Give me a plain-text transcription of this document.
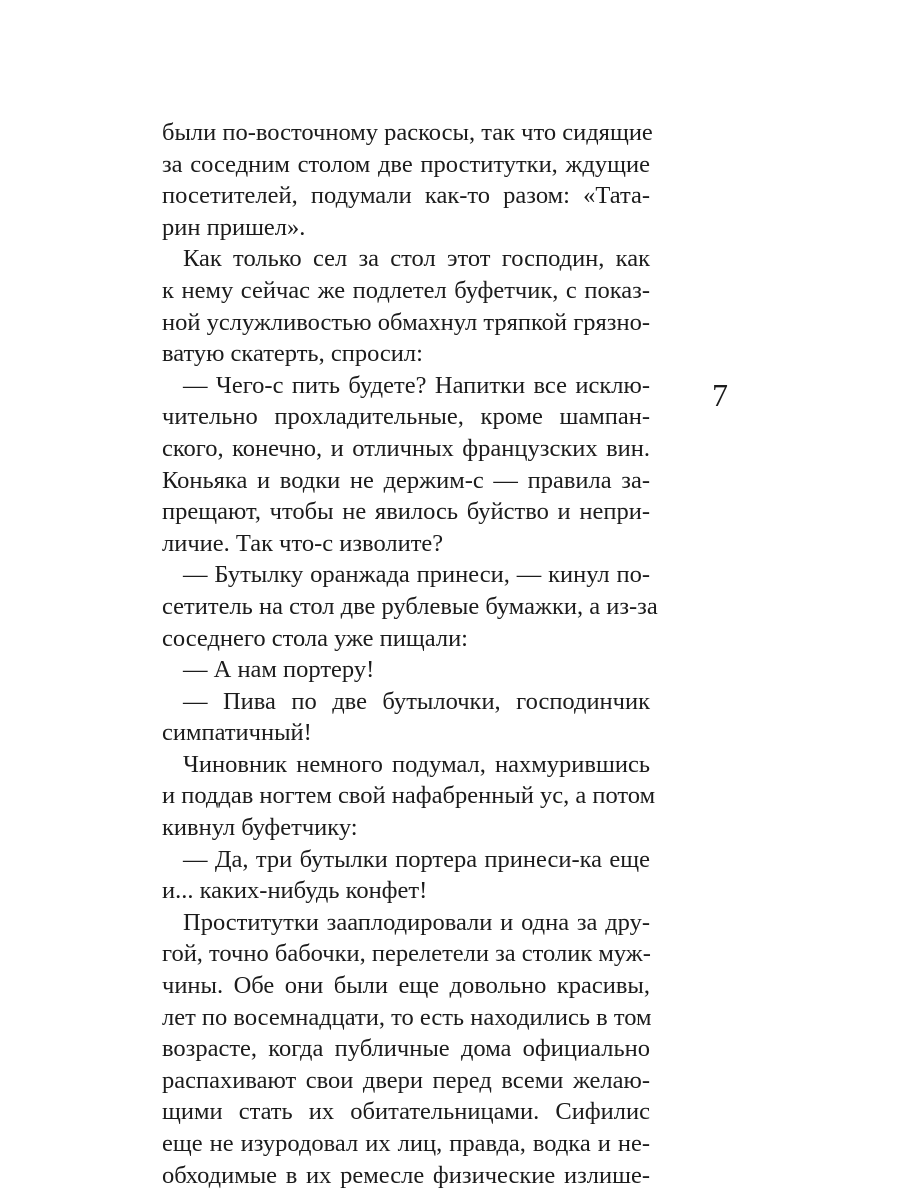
были по-восточному раскосы, так что сидящие
за соседним столом две проститутки, ждущие
посетителей, подумали как-то разом: «Тата-
рин пришел».
Как только сел за стол этот господин, как
к нему сейчас же подлетел буфетчик, с показ-
ной услужливостью обмахнул тряпкой грязно-
ватую скатерть, спросил:
— Чего-с пить будете? Напитки все исклю-
чительно прохладительные, кроме шампан-
ского, конечно, и отличных французских вин.
Коньяка и водки не держим-с — правила за-
прещают, чтобы не явилось буйство и непри-
личие. Так что-с изволите?
— Бутылку оранжада принеси, — кинул по-
сетитель на стол две рублевые бумажки, а из-за
соседнего стола уже пищали:
— А нам портеру!
— Пива по две бутылочки, господинчик
симпатичный!
Чиновник немного подумал, нахмурившись
и поддав ногтем свой нафабренный ус, а потом
кивнул буфетчику:
— Да, три бутылки портера принеси-ка еще
и... каких-нибудь конфет!
Проститутки зааплодировали и одна за дру-
гой, точно бабочки, перелетели за столик муж-
чины. Обе они были еще довольно красивы,
лет по восемнадцати, то есть находились в том
возрасте, когда публичные дома официально
распахивают свои двери перед всеми желаю-
щими стать их обитательницами. Сифилис
еще не изуродовал их лиц, правда, водка и не-
обходимые в их ремесле физические излише-
7
